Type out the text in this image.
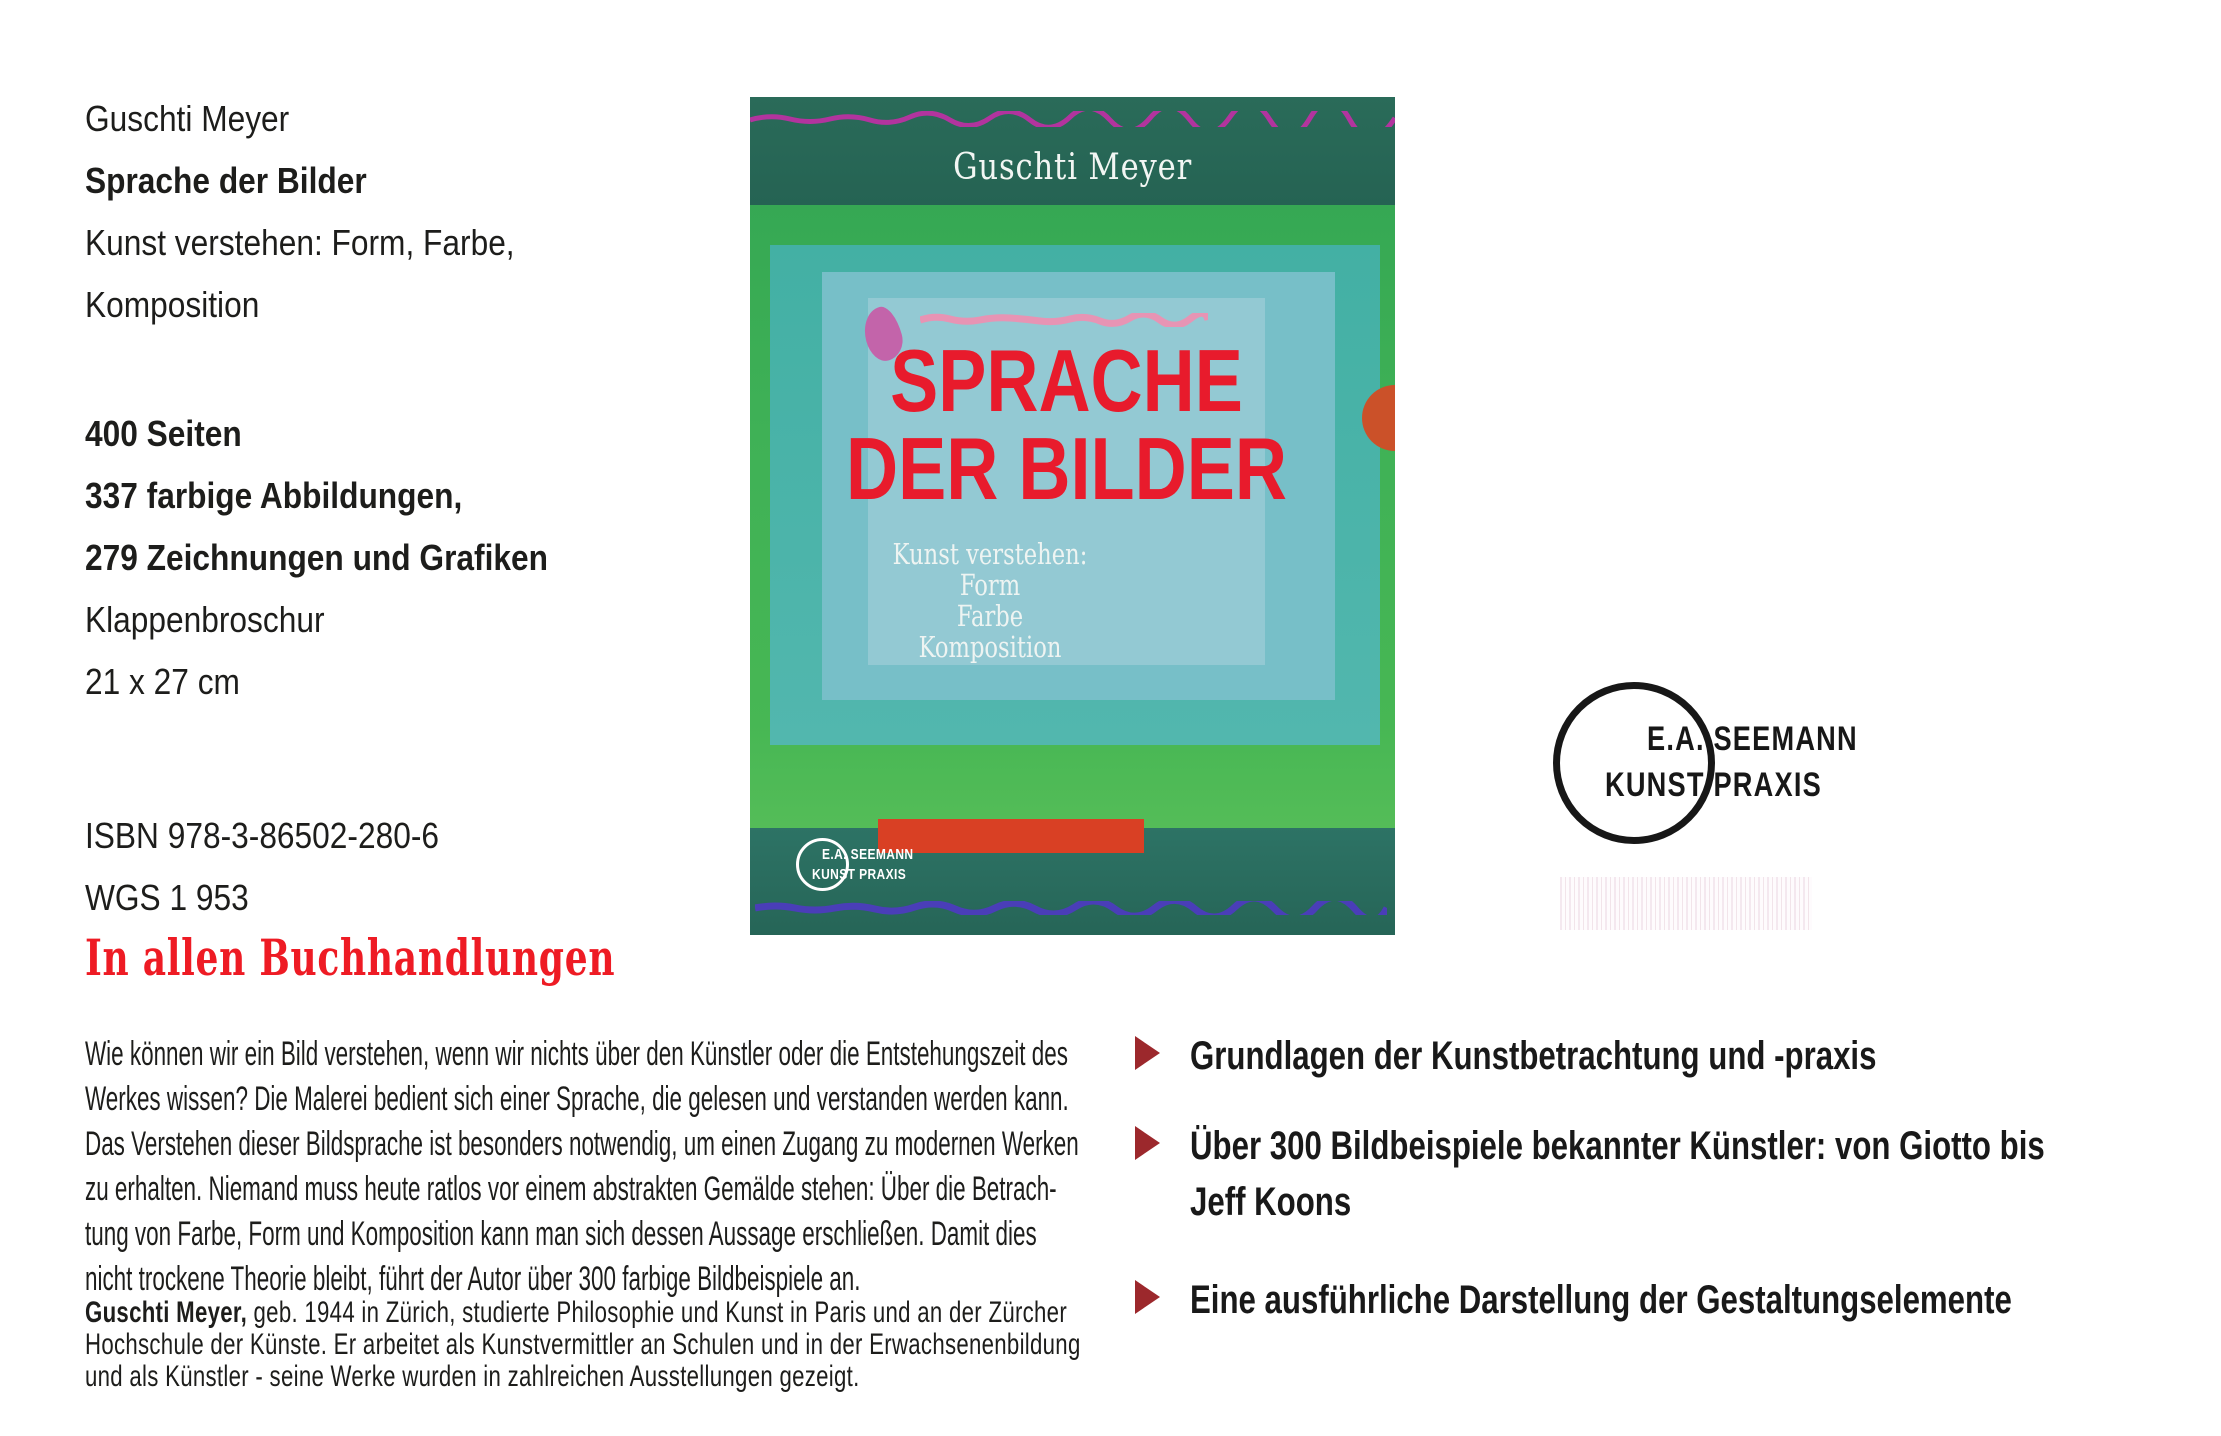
Guschti Meyer
Sprache der Bilder
Kunst verstehen: Form, Farbe,
Komposition
400 Seiten
337 farbige Abbildungen,
279 Zeichnungen und Grafiken
Klappenbroschur
21 x 27 cm
ISBN 978-3-86502-280-6
WGS 1 953
In allen Buchhandlungen
Guschti Meyer
SPRACHE
DER BILDER
Kunst verstehen:
Form
Farbe
Komposition
E.A. SEEMANN
KUNST PRAXIS
E.A. SEEMANN
KUNST PRAXIS
Wie können wir ein Bild verstehen, wenn wir nichts über den Künstler oder die Entstehungszeit des
Werkes wissen? Die Malerei bedient sich einer Sprache, die gelesen und verstanden werden kann.
Das Verstehen dieser Bildsprache ist besonders notwendig, um einen Zugang zu modernen Werken
zu erhalten. Niemand muss heute ratlos vor einem abstrakten Gemälde stehen: Über die Betrach-
tung von Farbe, Form und Komposition kann man sich dessen Aussage erschließen. Damit dies
nicht trockene Theorie bleibt, führt der Autor über 300 farbige Bildbeispiele an.
Guschti Meyer, geb. 1944 in Zürich, studierte Philosophie und Kunst in Paris und an der Zürcher
Hochschule der Künste. Er arbeitet als Kunstvermittler an Schulen und in der Erwachsenenbildung
und als Künstler - seine Werke wurden in zahlreichen Ausstellungen gezeigt.
Grundlagen der Kunstbetrachtung und -praxis
Über 300 Bildbeispiele bekannter Künstler: von Giotto bis
Jeff Koons
Eine ausführliche Darstellung der Gestaltungselemente
